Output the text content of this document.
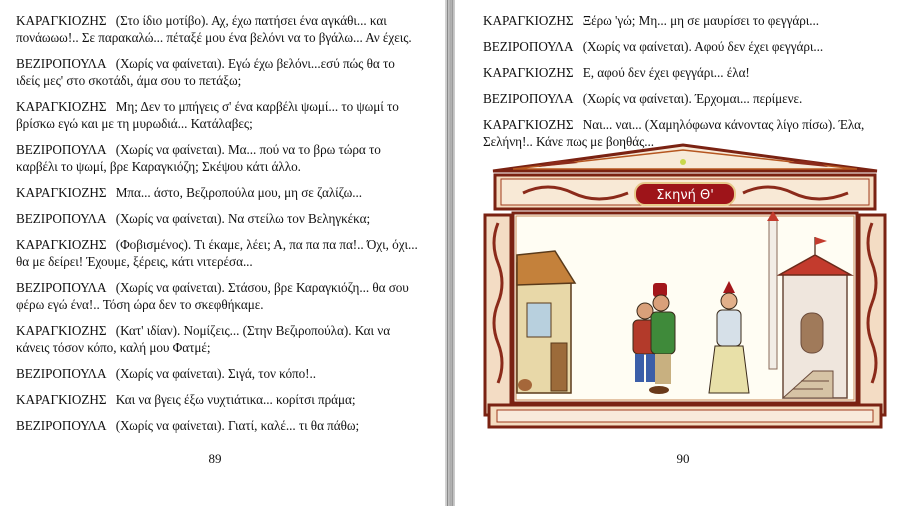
ΚΑΡΑΓΚΙΟΖΗΣ (Στο ίδιο μοτίβο). Αχ, έχω πατήσει ένα αγκάθι... και πονάωωω!.. Σε παρακαλώ... πέταξέ μου ένα βελόνι να το βγάλω... Αν έχεις.

ΒΕΖΙΡΟΠΟΥΛΑ (Χωρίς να φαίνεται). Εγώ έχω βελόνι...εσύ πώς θα το ιδείς μες' στο σκοτάδι, άμα σου το πετάξω;

ΚΑΡΑΓΚΙΟΖΗΣ Μη; Δεν το μπήγεις σ' ένα καρβέλι ψωμί... το ψωμί το βρίσκω εγώ και με τη μυρωδιά... Κατάλαβες;

ΒΕΖΙΡΟΠΟΥΛΑ (Χωρίς να φαίνεται). Μα... πού να το βρω τώρα το καρβέλι το ψωμί, βρε Καραγκιόζη; Σκέψου κάτι άλλο.

ΚΑΡΑΓΚΙΟΖΗΣ Μπα... άστο, Βεζιροπούλα μου, μη σε ζαλίζω...

ΒΕΖΙΡΟΠΟΥΛΑ (Χωρίς να φαίνεται). Να στείλω τον Βεληγκέκα;

ΚΑΡΑΓΚΙΟΖΗΣ (Φοβισμένος). Τι έκαμε, λέει; Α, πα πα πα πα!.. Όχι, όχι... θα με δείρει! Έχουμε, ξέρεις, κάτι νιτερέσα...

ΒΕΖΙΡΟΠΟΥΛΑ (Χωρίς να φαίνεται). Στάσου, βρε Καραγκιόζη... θα σου φέρω εγώ ένα!.. Τόση ώρα δεν το σκεφθήκαμε.

ΚΑΡΑΓΚΙΟΖΗΣ (Κατ' ιδίαν). Νομίζεις... (Στην Βεζιροπούλα). Και να κάνεις τόσον κόπο, καλή μου Φατμέ;

ΒΕΖΙΡΟΠΟΥΛΑ (Χωρίς να φαίνεται). Σιγά, τον κόπο!..

ΚΑΡΑΓΚΙΟΖΗΣ Και να βγεις έξω νυχτιάτικα... κορίτσι πράμα;

ΒΕΖΙΡΟΠΟΥΛΑ (Χωρίς να φαίνεται). Γιατί, καλέ... τι θα πάθω;

89

ΚΑΡΑΓΚΙΟΖΗΣ Ξέρω 'γώ; Μη... μη σε μαυρίσει το φεγγάρι...

ΒΕΖΙΡΟΠΟΥΛΑ (Χωρίς να φαίνεται). Αφού δεν έχει φεγγάρι...

ΚΑΡΑΓΚΙΟΖΗΣ Ε, αφού δεν έχει φεγγάρι... έλα!

ΒΕΖΙΡΟΠΟΥΛΑ (Χωρίς να φαίνεται). Έρχομαι... περίμενε.

ΚΑΡΑΓΚΙΟΖΗΣ Ναι... ναι... (Χαμηλόφωνα κάνοντας λίγο πίσω). Έλα, Σελήνη!.. Κάνε πως με βοηθάς...

Σκηνή Θ'
90
